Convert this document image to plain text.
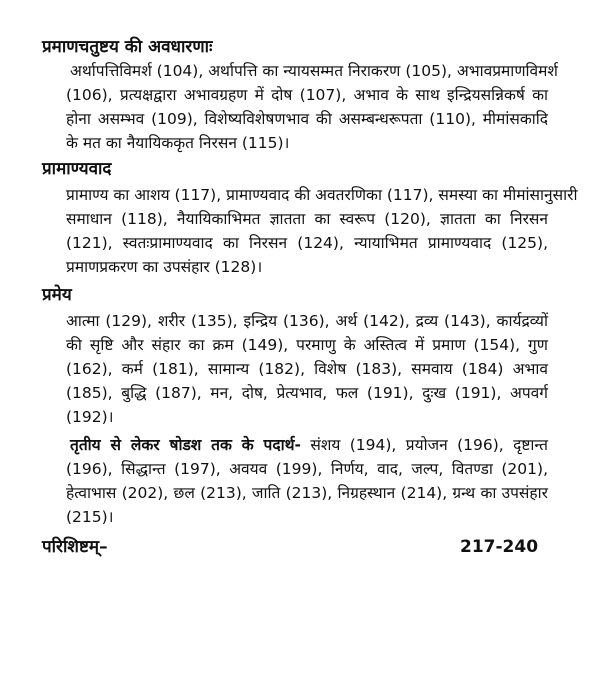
प्रमाणचतुष्टय की अवधारणाः
अर्थापत्तिविमर्श (104), अर्थापत्ति का न्यायसम्मत निराकरण (105), अभावप्रमाणविमर्श
(106), प्रत्यक्षद्वारा अभावग्रहण में दोष (107), अभाव के साथ इन्द्रियसन्निकर्ष का
होना असम्भव (109), विशेष्यविशेषणभाव की असम्बन्धरूपता (110), मीमांसकादि
के मत का नैयायिककृत निरसन (115)।
प्रामाण्यवाद
प्रामाण्य का आशय (117), प्रामाण्यवाद की अवतरणिका (117), समस्या का मीमांसानुसारी
समाधान (118), नैयायिकाभिमत ज्ञातता का स्वरूप (120), ज्ञातता का निरसन
(121), स्वतःप्रामाण्यवाद का निरसन (124), न्यायाभिमत प्रामाण्यवाद (125),
प्रमाणप्रकरण का उपसंहार (128)।
प्रमेय
आत्मा (129), शरीर (135), इन्द्रिय (136), अर्थ (142), द्रव्य (143), कार्यद्रव्यों
की सृष्टि और संहार का क्रम (149), परमाणु के अस्तित्व में प्रमाण (154), गुण
(162), कर्म (181), सामान्य (182), विशेष (183), समवाय (184) अभाव
(185), बुद्धि (187), मन, दोष, प्रेत्यभाव, फल (191), दुःख (191), अपवर्ग
(192)।
तृतीय से लेकर षोडश तक के पदार्थ- संशय (194), प्रयोजन (196), दृष्टान्त
(196), सिद्धान्त (197), अवयव (199), निर्णय, वाद, जल्प, वितण्डा (201),
हेत्वाभास (202), छल (213), जाति (213), निग्रहस्थान (214), ग्रन्थ का उपसंहार
(215)।
परिशिष्टम्–	217-240
